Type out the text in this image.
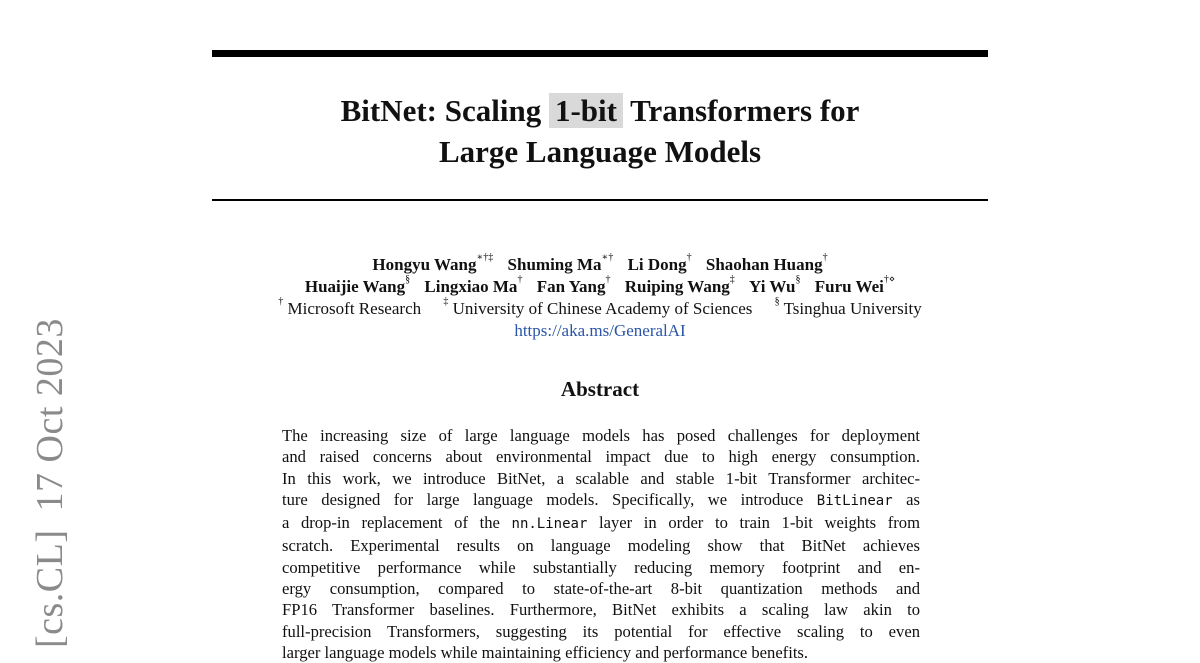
[cs.CL]17 Oct 2023
BitNet: Scaling 1-bit Transformers for
Large Language Models
Hongyu Wang∗†‡ Shuming Ma∗† Li Dong† Shaohan Huang†
Huaijie Wang§ Lingxiao Ma† Fan Yang† Ruiping Wang‡ Yi Wu§ Furu Wei†⋄
† Microsoft Research ‡ University of Chinese Academy of Sciences § Tsinghua University
https://aka.ms/GeneralAI
Abstract
The increasing size of large language models has posed challenges for deployment
and raised concerns about environmental impact due to high energy consumption.
In this work, we introduce BitNet, a scalable and stable 1-bit Transformer architec-
ture designed for large language models. Specifically, we introduce BitLinear as
a drop-in replacement of the nn.Linear layer in order to train 1-bit weights from
scratch. Experimental results on language modeling show that BitNet achieves
competitive performance while substantially reducing memory footprint and en-
ergy consumption, compared to state-of-the-art 8-bit quantization methods and
FP16 Transformer baselines. Furthermore, BitNet exhibits a scaling law akin to
full-precision Transformers, suggesting its potential for effective scaling to even
larger language models while maintaining efficiency and performance benefits.
